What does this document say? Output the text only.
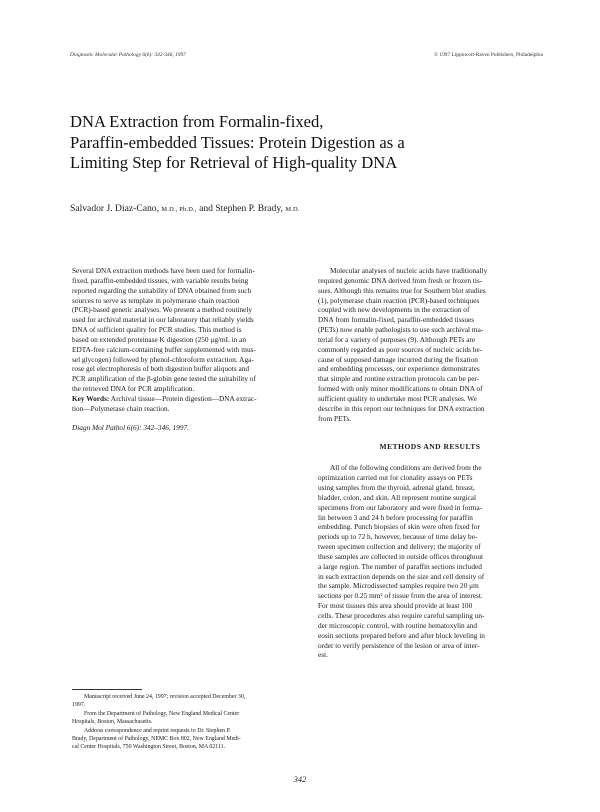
Diagnostic Molecular Pathology 6(6): 342-346, 1997	© 1997 Lippincott-Raven Publishers, Philadelphia
DNA Extraction from Formalin-fixed,
Paraffin-embedded Tissues: Protein Digestion as a
Limiting Step for Retrieval of High-quality DNA
Salvador J. Diaz-Cano, M.D., Ph.D., and Stephen P. Brady, M.D.
Several DNA extraction methods have been used for formalin-
fixed, paraffin-embedded tissues, with variable results being
reported regarding the suitability of DNA obtained from such
sources to serve as template in polymerase chain reaction
(PCR)-based genetic analyses. We present a method routinely
used for archival material in our laboratory that reliably yields
DNA of sufficient quality for PCR studies. This method is
based on extended proteinase K digestion (250 μg/mL in an
EDTA-free calcium-containing buffer supplemented with mus-
sel glycogen) followed by phenol-chloroform extraction. Aga-
rose gel electrophoresis of both digestion buffer aliquots and
PCR amplification of the β-globin gene tested the suitability of
the retrieved DNA for PCR amplification.
Key Words: Archival tissue—Protein digestion—DNA extrac-
tion—Polymerase chain reaction.

Diagn Mol Pathol 6(6): 342–346, 1997.

Molecular analyses of nucleic acids have traditionally
required genomic DNA derived from fresh or frozen tis-
sues. Although this remains true for Southern blot studies
(1), polymerase chain reaction (PCR)-based techniques
coupled with new developments in the extraction of
DNA from formalin-fixed, paraffin-embedded tissues
(PETs) now enable pathologists to use such archival ma-
terial for a variety of purposes (9). Although PETs are
commonly regarded as poor sources of nucleic acids be-
cause of supposed damage incurred during the fixation
and embedding processes, our experience demonstrates
that simple and routine extraction protocols can be per-
formed with only minor modifications to obtain DNA of
sufficient quality to undertake most PCR analyses. We
describe in this report our techniques for DNA extraction
from PETs.
METHODS AND RESULTS
All of the following conditions are derived from the
optimization carried out for clonality assays on PETs
using samples from the thyroid, adrenal gland, breast,
bladder, colon, and skin. All represent routine surgical
specimens from our laboratory and were fixed in forma-
lin between 3 and 24 h before processing for paraffin
embedding. Punch biopsies of skin were often fixed for
periods up to 72 h, however, because of time delay be-
tween specimen collection and delivery; the majority of
these samples are collected in outside offices throughout
a large region. The number of paraffin sections included
in each extraction depends on the size and cell density of
the sample. Microdissected samples require two 20 μm
sections per 0.25 mm² of tissue from the area of interest.
For most tissues this area should provide at least 100
cells. These procedures also require careful sampling un-
der microscopic control, with routine hematoxylin and
eosin sections prepared before and after block leveling in
order to verify persistence of the lesion or area of inter-
est.

Manuscript received June 24, 1997; revision accepted December 30,
1997.

From the Department of Pathology, New England Medical Center
Hospitals, Boston, Massachusetts.

Address correspondence and reprint requests to Dr. Stephen P.
Brady, Department of Pathology, NEMC Box 802, New England Medi-
cal Center Hospitals, 750 Washington Street, Boston, MA 02111.

342
